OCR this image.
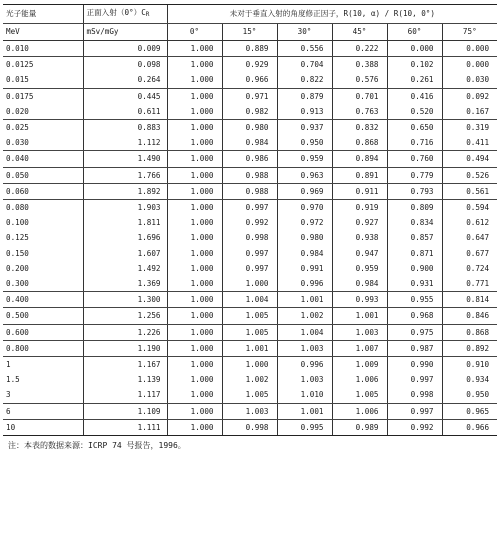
光子能量	正面入射（0°）CR	未对于垂直入射的角度修正因子，R(10, α) / R(10, 0°)					
MeV	mSv/mGy	0°	15°	30°	45°	60°	75°
0.010	0.009	1.000	0.889	0.556	0.222	0.000	0.000
0.0125	0.098	1.000	0.929	0.704	0.388	0.102	0.000
0.015	0.264	1.000	0.966	0.822	0.576	0.261	0.030
0.0175	0.445	1.000	0.971	0.879	0.701	0.416	0.092
0.020	0.611	1.000	0.982	0.913	0.763	0.520	0.167
0.025	0.883	1.000	0.980	0.937	0.832	0.650	0.319
0.030	1.112	1.000	0.984	0.950	0.868	0.716	0.411
0.040	1.490	1.000	0.986	0.959	0.894	0.760	0.494
0.050	1.766	1.000	0.988	0.963	0.891	0.779	0.526
0.060	1.892	1.000	0.988	0.969	0.911	0.793	0.561
0.080	1.903	1.000	0.997	0.970	0.919	0.809	0.594
0.100	1.811	1.000	0.992	0.972	0.927	0.834	0.612
0.125	1.696	1.000	0.998	0.980	0.938	0.857	0.647
0.150	1.607	1.000	0.997	0.984	0.947	0.871	0.677
0.200	1.492	1.000	0.997	0.991	0.959	0.900	0.724
0.300	1.369	1.000	1.000	0.996	0.984	0.931	0.771
0.400	1.300	1.000	1.004	1.001	0.993	0.955	0.814
0.500	1.256	1.000	1.005	1.002	1.001	0.968	0.846
0.600	1.226	1.000	1.005	1.004	1.003	0.975	0.868
0.800	1.190	1.000	1.001	1.003	1.007	0.987	0.892
1	1.167	1.000	1.000	0.996	1.009	0.990	0.910
1.5	1.139	1.000	1.002	1.003	1.006	0.997	0.934
3	1.117	1.000	1.005	1.010	1.005	0.998	0.950
6	1.109	1.000	1.003	1.001	1.006	0.997	0.965
10	1.111	1.000	0.998	0.995	0.989	0.992	0.966
注：本表的数据来源：ICRP 74 号报告，1996。
